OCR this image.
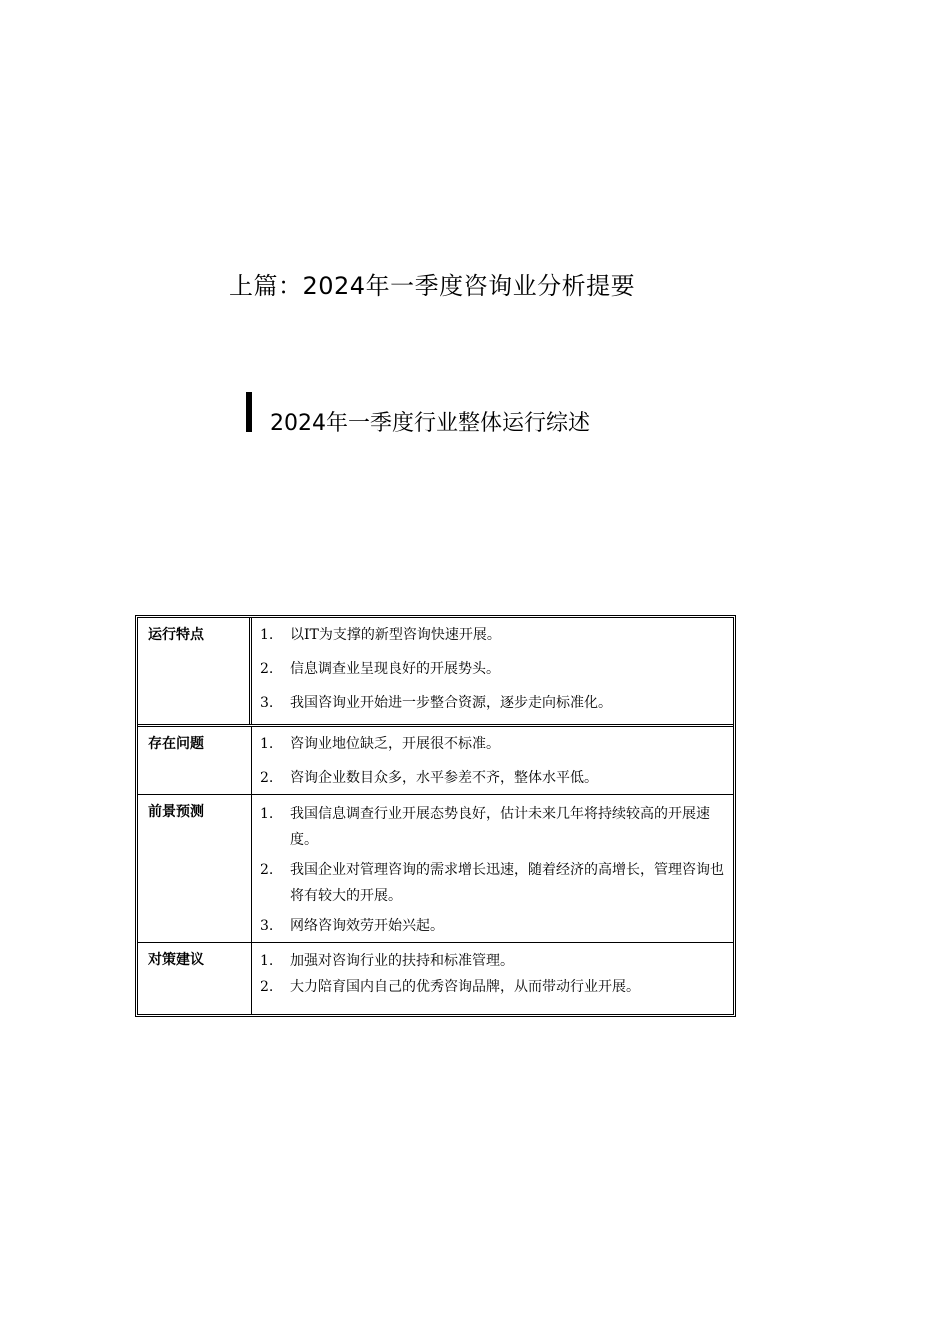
上篇：2024年一季度咨询业分析提要
2024年一季度行业整体运行综述
运行特点	1.	以IT为支撑的新型咨询快速开展。
2.	信息调查业呈现良好的开展势头。
3.	我国咨询业开始进一步整合资源，逐步走向标准化。
存在问题	1.	咨询业地位缺乏，开展很不标准。
2.	咨询企业数目众多，水平参差不齐，整体水平低。
前景预测	1.	我国信息调查行业开展态势良好，估计未来几年将持续较高的开展速度。
2.	我国企业对管理咨询的需求增长迅速，随着经济的高增长，管理咨询也将有较大的开展。
3.	网络咨询效劳开始兴起。
对策建议	1.	加强对咨询行业的扶持和标准管理。
2.	大力陪育国内自己的优秀咨询品牌，从而带动行业开展。
